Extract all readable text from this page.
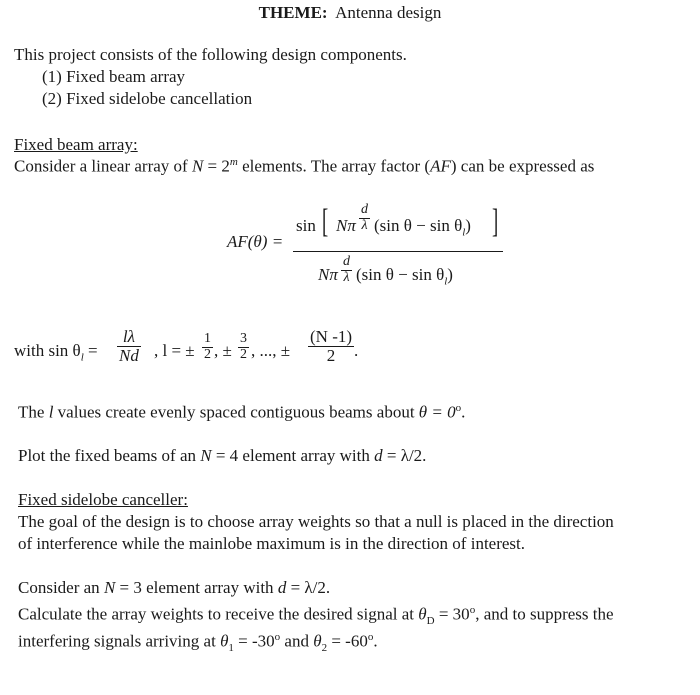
THEME: Antenna design
This project consists of the following design components.
(1) Fixed beam array
(2) Fixed sidelobe cancellation
Fixed beam array:
Consider a linear array of $N = 2^m$ elements. The array factor (AF) can be expressed as
AF(θ) =
sin [ Nπ $\frac{d}{\lambda} (\sin$ $\theta - \sin \theta_l$) ]
Nπ $\frac{d}{\lambda} (\sin$ $\theta - \sin \theta_l$)
with $\sin \theta_l = \frac{l\lambda}{Nd}$ , l = ± $\frac{1}{2}$ , ± $\frac{3}{2}$ , ..., ± $\frac{(N -1)}{2}$ .
The l values create evenly spaced contiguous beams about $\theta = 0^o$.
Plot the fixed beams of an N = 4 element array with d = λ/2.
Fixed sidelobe canceller:
The goal of the design is to choose array weights so that a null is placed in the direction
of interference while the mainlobe maximum is in the direction of interest.
Consider an N = 3 element array with d = λ/2.
Calculate the array weights to receive the desired signal at $\theta_D = 30^o$, and to suppress the
interfering signals arriving at $\theta_1 = -30^o$ and $\theta_2 = -60^o$.
